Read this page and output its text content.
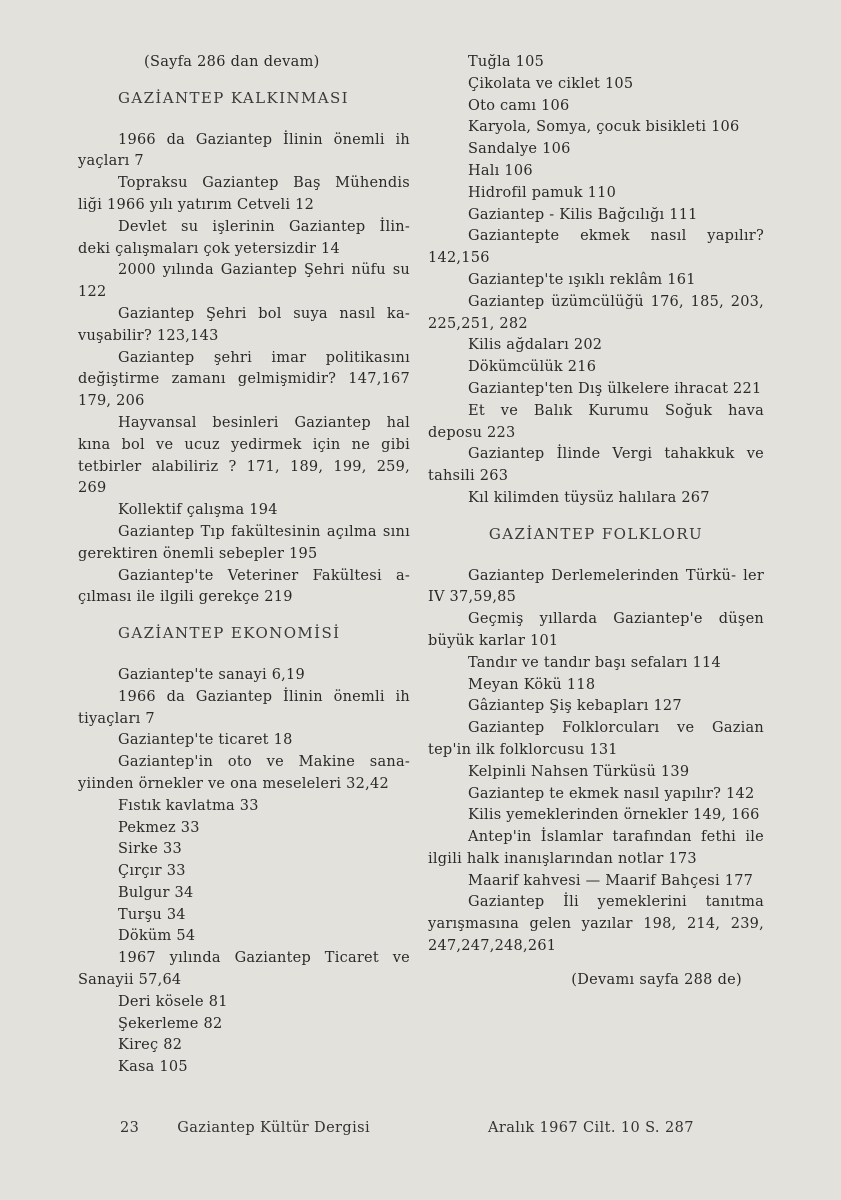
(Sayfa 286 dan devam)
GAZİANTEP KALKINMASI
1966 da Gaziantep İlinin önemli ih yaçları 7
Topraksu Gaziantep Baş Mühendis liği 1966 yılı yatırım Cetveli 12
Devlet su işlerinin Gaziantep İlin- deki çalışmaları çok yetersizdir 14
2000 yılında Gaziantep Şehri nüfu su 122
Gaziantep Şehri bol suya nasıl ka- vuşabilir? 123,143
Gaziantep şehri imar politikasını değiştirme zamanı gelmişmidir? 147,167 179, 206
Hayvansal besinleri Gaziantep hal kına bol ve ucuz yedirmek için ne gibi tetbirler alabiliriz ? 171, 189, 199, 259, 269
Kollektif çalışma 194
Gaziantep Tıp fakültesinin açılma sını gerektiren önemli sebepler 195
Gaziantep'te Veteriner Fakültesi a- çılması ile ilgili gerekçe 219
GAZİANTEP EKONOMİSİ
Gaziantep'te sanayi 6,19
1966 da Gaziantep İlinin önemli ih tiyaçları 7
Gaziantep'te ticaret 18
Gaziantep'in oto ve Makine sana- yiinden örnekler ve ona meseleleri 32,42
Fıstık kavlatma 33
Pekmez 33
Sirke 33
Çırçır 33
Bulgur 34
Turşu 34
Döküm 54
1967 yılında Gaziantep Ticaret ve Sanayii 57,64
Deri kösele 81
Şekerleme 82
Kireç 82
Kasa 105
Tuğla 105
Çikolata ve ciklet 105
Oto camı 106
Karyola, Somya, çocuk bisikleti 106
Sandalye 106
Halı 106
Hidrofil pamuk 110
Gaziantep - Kilis Bağcılığı 111
Gaziantepte ekmek nasıl yapılır? 142,156
Gaziantep'te ışıklı reklâm 161
Gaziantep üzümcülüğü 176, 185, 203, 225,251, 282
Kilis ağdaları 202
Dökümcülük 216
Gaziantep'ten Dış ülkelere ihracat 221
Et ve Balık Kurumu Soğuk hava deposu 223
Gaziantep İlinde Vergi tahakkuk ve tahsili 263
Kıl kilimden tüysüz halılara 267
GAZİANTEP FOLKLORU
Gaziantep Derlemelerinden Türkü- ler IV 37,59,85
Geçmiş yıllarda Gaziantep'e düşen büyük karlar 101
Tandır ve tandır başı sefaları 114
Meyan Kökü 118
Gâziantep Şiş kebapları 127
Gaziantep Folklorcuları ve Gazian tep'in ilk folklorcusu 131
Kelpinli Nahsen Türküsü 139
Gaziantep te ekmek nasıl yapılır? 142
Kilis yemeklerinden örnekler 149, 166
Antep'in İslamlar tarafından fethi ile ilgili halk inanışlarından notlar 173
Maarif kahvesi — Maarif Bahçesi 177
Gaziantep İli yemeklerini tanıtma yarışmasına gelen yazılar 198, 214, 239, 247,247,248,261
(Devamı sayfa 288 de)
23	Gaziantep Kültür Dergisi	Aralık 1967 Cilt. 10 S. 287
